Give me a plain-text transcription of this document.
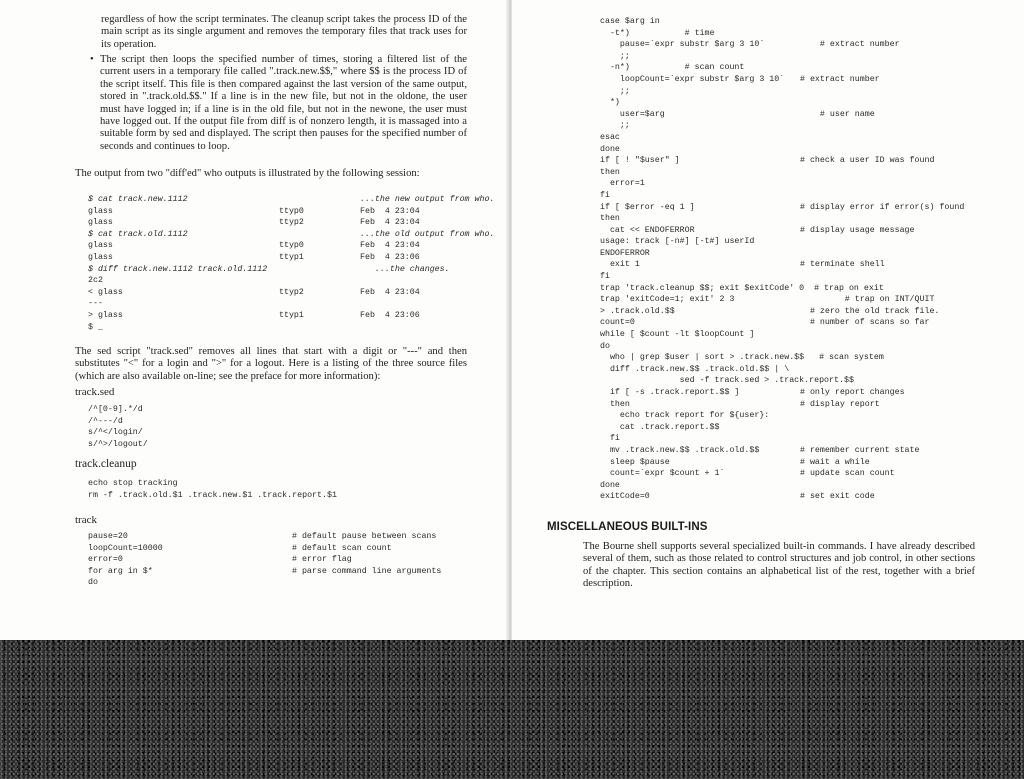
regardless of how the script terminates. The cleanup script takes the process ID of the main script as its single argument and removes the temporary files that track uses for its operation.
• The script then loops the specified number of times, storing a filtered list of the current users in a temporary file called ".track.new.$$," where $$ is the process ID of the script itself. This file is then compared against the last version of the same output, stored in ".track.old.$$." If a line is in the new file, but not in the oldone, the user must have logged in; if a line is in the old file, but not in the newone, the user must have logged out. If the output file from diff is of nonzero length, it is massaged into a suitable form by sed and displayed. The script then pauses for the specified number of seconds and continues to loop.
The output from two "diff'ed" who outputs is illustrated by the following session:
$ cat track.new.1112	...the new output from who.
glass	ttyp0	Feb  4 23:04
glass	ttyp2	Feb  4 23:04
$ cat track.old.1112	...the old output from who.
glass	ttyp0	Feb  4 23:04
glass	ttyp1	Feb  4 23:06
$ diff track.new.1112 track.old.1112	...the changes.
2c2
< glass	ttyp2	Feb  4 23:04
---
> glass	ttyp1	Feb  4 23:06
$ _
The sed script "track.sed" removes all lines that start with a digit or "---" and then substitutes "<" for a login and ">" for a logout. Here is a listing of the three source files (which are also available on-line; see the preface for more information):
track.sed
/^[0-9].*/d
/^---/d
s/^</login/
s/^>/logout/
track.cleanup
echo stop tracking
rm -f .track.old.$1 .track.new.$1 .track.report.$1
track
pause=20	# default pause between scans
loopCount=10000	# default scan count
error=0	# error flag
for arg in $*	# parse command line arguments
do
case $arg in
-t*)           # time
pause=`expr substr $arg 3 10`	# extract number
;;
-n*)           # scan count
loopCount=`expr substr $arg 3 10` # extract number
;;
*)
user=$arg	# user name
;;
esac
done
if [ ! "$user" ]	# check a user ID was found
then
error=1
fi
if [ $error -eq 1 ]	# display error if error(s) found
then
cat << ENDOFERROR	# display usage message
usage: track [-n#] [-t#] userId
ENDOFERROR
exit 1	# terminate shell
fi
trap 'track.cleanup $$; exit $exitCode' 0  # trap on exit
trap 'exitCode=1; exit' 2 3	# trap on INT/QUIT
> .track.old.$$	# zero the old track file.
count=0	# number of scans so far
while [ $count -lt $loopCount ]
do
who | grep $user | sort > .track.new.$$   # scan system
diff .track.new.$$ .track.old.$$ | \
sed -f track.sed > .track.report.$$
if [ -s .track.report.$$ ]	# only report changes
then	# display report
echo track report for ${user}:
cat .track.report.$$
fi
mv .track.new.$$ .track.old.$$	# remember current state
sleep $pause	# wait a while
count=`expr $count + 1`	# update scan count
done
exitCode=0	# set exit code
MISCELLANEOUS BUILT-INS
The Bourne shell supports several specialized built-in commands. I have already described several of them, such as those related to control structures and job control, in other sections of the chapter. This section contains an alphabetical list of the rest, together with a brief description.
